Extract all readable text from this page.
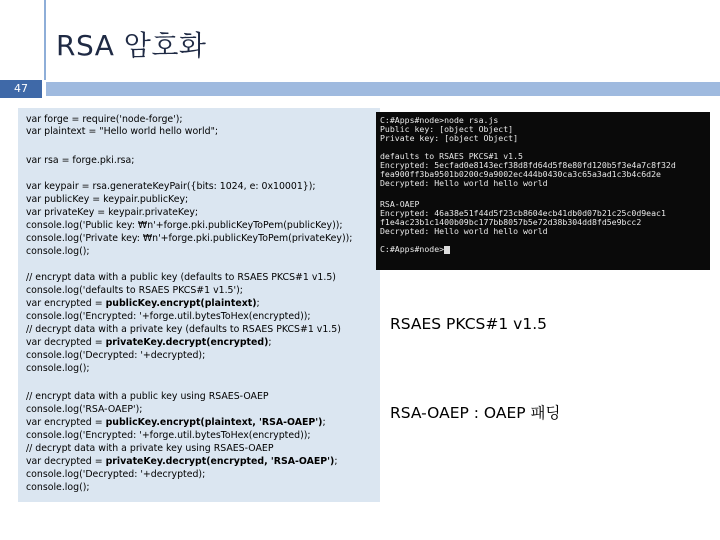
RSA 암호화
47
var forge = require('node-forge');
var plaintext = "Hello world hello world";
var rsa = forge.pki.rsa;
var keypair = rsa.generateKeyPair({bits: 1024, e: 0x10001});
var publicKey = keypair.publicKey;
var privateKey = keypair.privateKey;
console.log('Public key: ₩n'+forge.pki.publicKeyToPem(publicKey));
console.log('Private key: ₩n'+forge.pki.publicKeyToPem(privateKey));
console.log();
// encrypt data with a public key (defaults to RSAES PKCS#1 v1.5)
console.log('defaults to RSAES PKCS#1 v1.5');
var encrypted = publicKey.encrypt(plaintext);
console.log('Encrypted: '+forge.util.bytesToHex(encrypted));
// decrypt data with a private key (defaults to RSAES PKCS#1 v1.5)
var decrypted = privateKey.decrypt(encrypted);
console.log('Decrypted: '+decrypted);
console.log();
// encrypt data with a public key using RSAES-OAEP
console.log('RSA-OAEP');
var encrypted = publicKey.encrypt(plaintext, 'RSA-OAEP');
console.log('Encrypted: '+forge.util.bytesToHex(encrypted));
// decrypt data with a private key using RSAES-OAEP
var decrypted = privateKey.decrypt(encrypted, 'RSA-OAEP');
console.log('Decrypted: '+decrypted);
console.log();
C:#Apps#node>node rsa.js
Public key: [object Object]
Private key: [object Object]
defaults to RSAES PKCS#1 v1.5
Encrypted: 5ecfad0e8143ecf38d8fd64d5f8e80fd120b5f3e4a7c8f32d
fea900ff3ba9501b0200c9a9002ec444b0430ca3c65a3ad1c3b4c6d2e
Decrypted: Hello world hello world
RSA-OAEP
Encrypted: 46a38e51f44d5f23cb8604ecb41db0d07b21c25c0d9eac1
f1e4ac23b1c1400b09bc177bb8057b5e72d38b304dd8fd5e9bcc2
Decrypted: Hello world hello world
C:#Apps#node>
RSAES PKCS#1 v1.5
RSA-OAEP : OAEP 패딩
